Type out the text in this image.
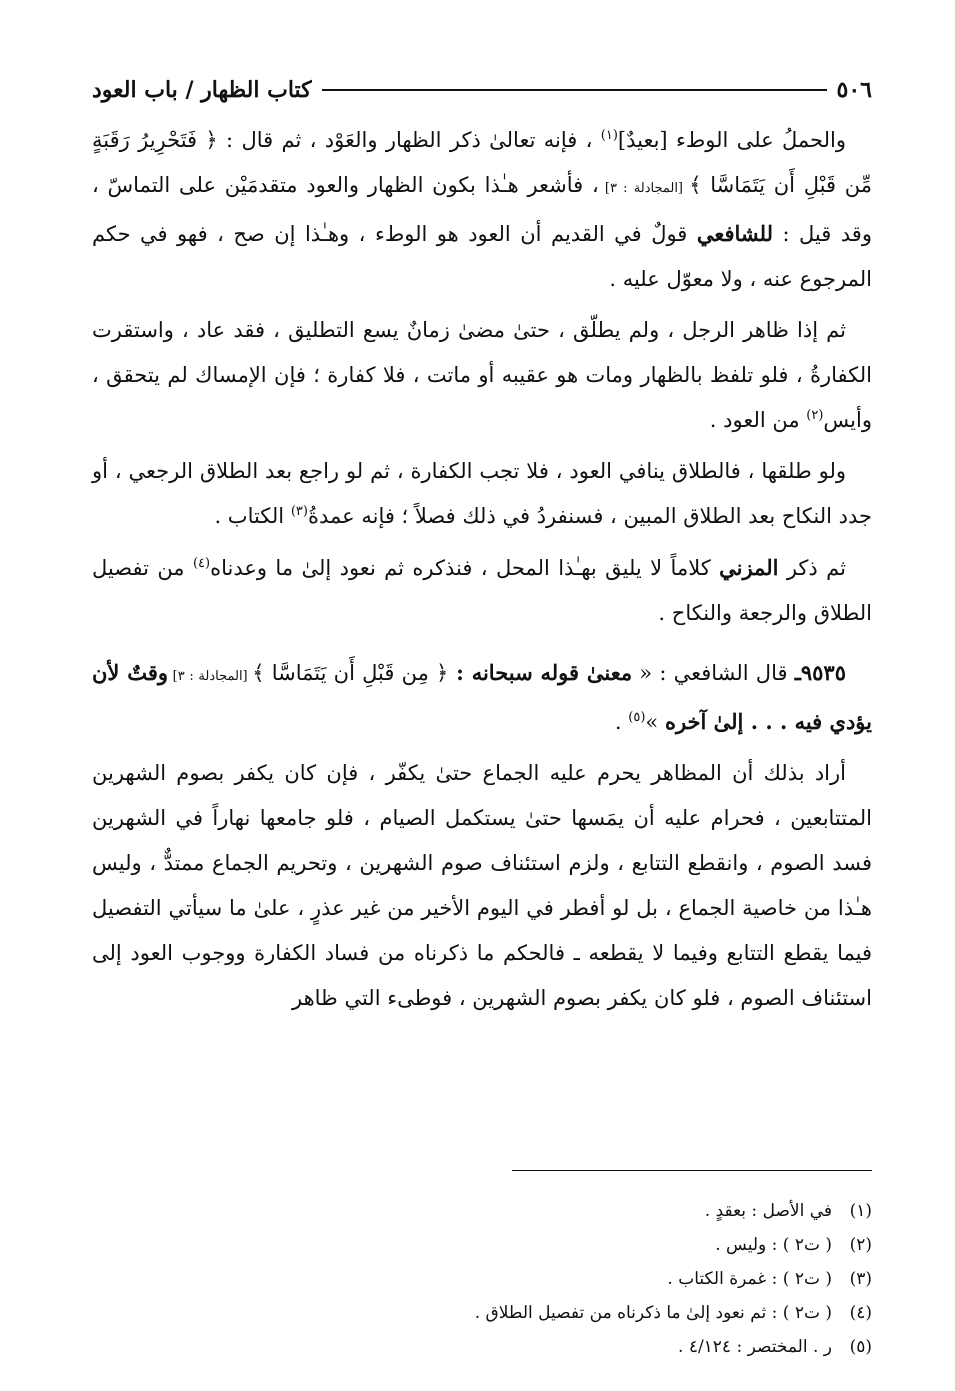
٥٠٦
كتاب الظهار / باب العود

والحملُ على الوطء [بعيدٌ]$^{(١)}$ ، فإنه تعالىٰ ذكر الظهار والعَوْد ، ثم قال : ﴿ فَتَحْرِيرُ رَقَبَةٍ مِّن قَبْلِ أَن يَتَمَاسَّا ﴾ [المجادلة : ٣] ، فأشعر هـٰذا بكون الظهار والعود متقدمَيْن على التماسّ ، وقد قيل : للشافعي قولٌ في القديم أن العود هو الوطء ، وهـٰذا إن صح ، فهو في حكم المرجوع عنه ، ولا معوّل عليه .

ثم إذا ظاهر الرجل ، ولم يطلّق ، حتىٰ مضىٰ زمانٌ يسع التطليق ، فقد عاد ، واستقرت الكفارةُ ، فلو تلفظ بالظهار ومات هو عقيبه أو ماتت ، فلا كفارة ؛ فإن الإمساك لم يتحقق ، وأيس$^{(٢)}$ من العود .

ولو طلقها ، فالطلاق ينافي العود ، فلا تجب الكفارة ، ثم لو راجع بعد الطلاق الرجعي ، أو جدد النكاح بعد الطلاق المبين ، فسنفردُ في ذلك فصلاً ؛ فإنه عمدةُ$^{(٣)}$ الكتاب .

ثم ذكر المزني كلاماً لا يليق بهـٰذا المحل ، فنذكره ثم نعود إلىٰ ما وعدناه$^{(٤)}$ من تفصيل الطلاق والرجعة والنكاح .

٩٥٣٥ـ قال الشافعي : « معنىٰ قوله سبحانه : ﴿ مِن قَبْلِ أَن يَتَمَاسَّا ﴾ [المجادلة : ٣] وقتٌ لأن يؤدي فيه . . . إلىٰ آخره »$^{(٥)}$ .

أراد بذلك أن المظاهر يحرم عليه الجماع حتىٰ يكفّر ، فإن كان يكفر بصوم الشهرين المتتابعين ، فحرام عليه أن يمَسها حتىٰ يستكمل الصيام ، فلو جامعها نهاراً في الشهرين فسد الصوم ، وانقطع التتابع ، ولزم استئناف صوم الشهرين ، وتحريم الجماع ممتدٌّ ، وليس هـٰذا من خاصية الجماع ، بل لو أفطر في اليوم الأخير من غير عذرٍ ، علىٰ ما سيأتي التفصيل فيما يقطع التتابع وفيما لا يقطعه ـ فالحكم ما ذكرناه من فساد الكفارة ووجوب العود إلى استئناف الصوم ، فلو كان يكفر بصوم الشهرين ، فوطىء التي ظاهر

(١)
في الأصل : بعقدٍ .
(٢)
( ت٢ ) : وليس .
(٣)
( ت٢ ) : غمرة الكتاب .
(٤)
( ت٢ ) : ثم نعود إلىٰ ما ذكرناه من تفصيل الطلاق .
(٥)
ر . المختصر : ٤/١٢٤ .
